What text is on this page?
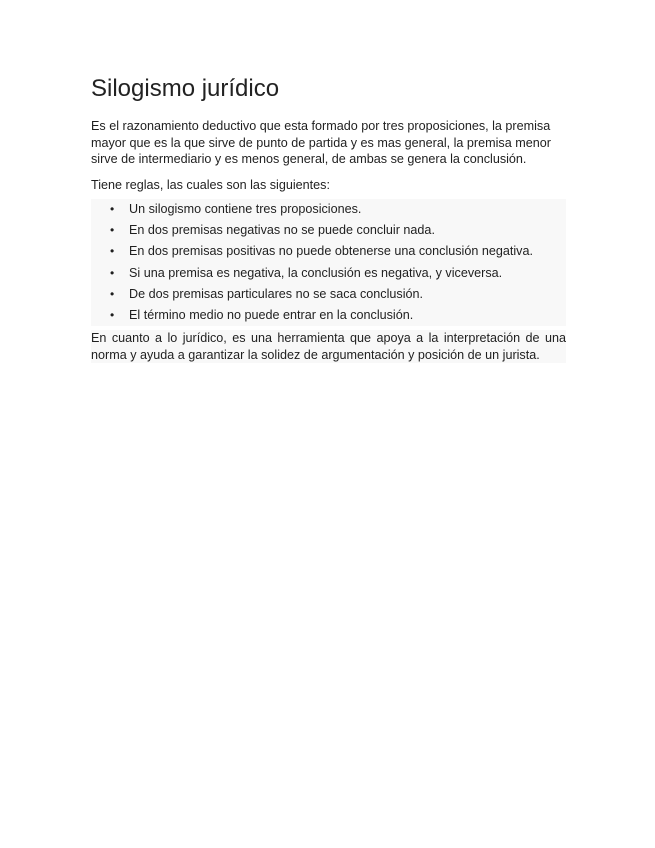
Silogismo jurídico

Es el razonamiento deductivo que esta formado por tres proposiciones, la premisa mayor que es la que sirve de punto de partida y es mas general, la premisa menor sirve de intermediario y es menos general, de ambas se genera la conclusión.

Tiene reglas, las cuales son las siguientes:

• Un silogismo contiene tres proposiciones.
• En dos premisas negativas no se puede concluir nada.
• En dos premisas positivas no puede obtenerse una conclusión negativa.
• Si una premisa es negativa, la conclusión es negativa, y viceversa.
• De dos premisas particulares no se saca conclusión.
• El término medio no puede entrar en la conclusión.

En cuanto a lo jurídico, es una herramienta que apoya a la interpretación de una norma y ayuda a garantizar la solidez de argumentación y posición de un jurista.
